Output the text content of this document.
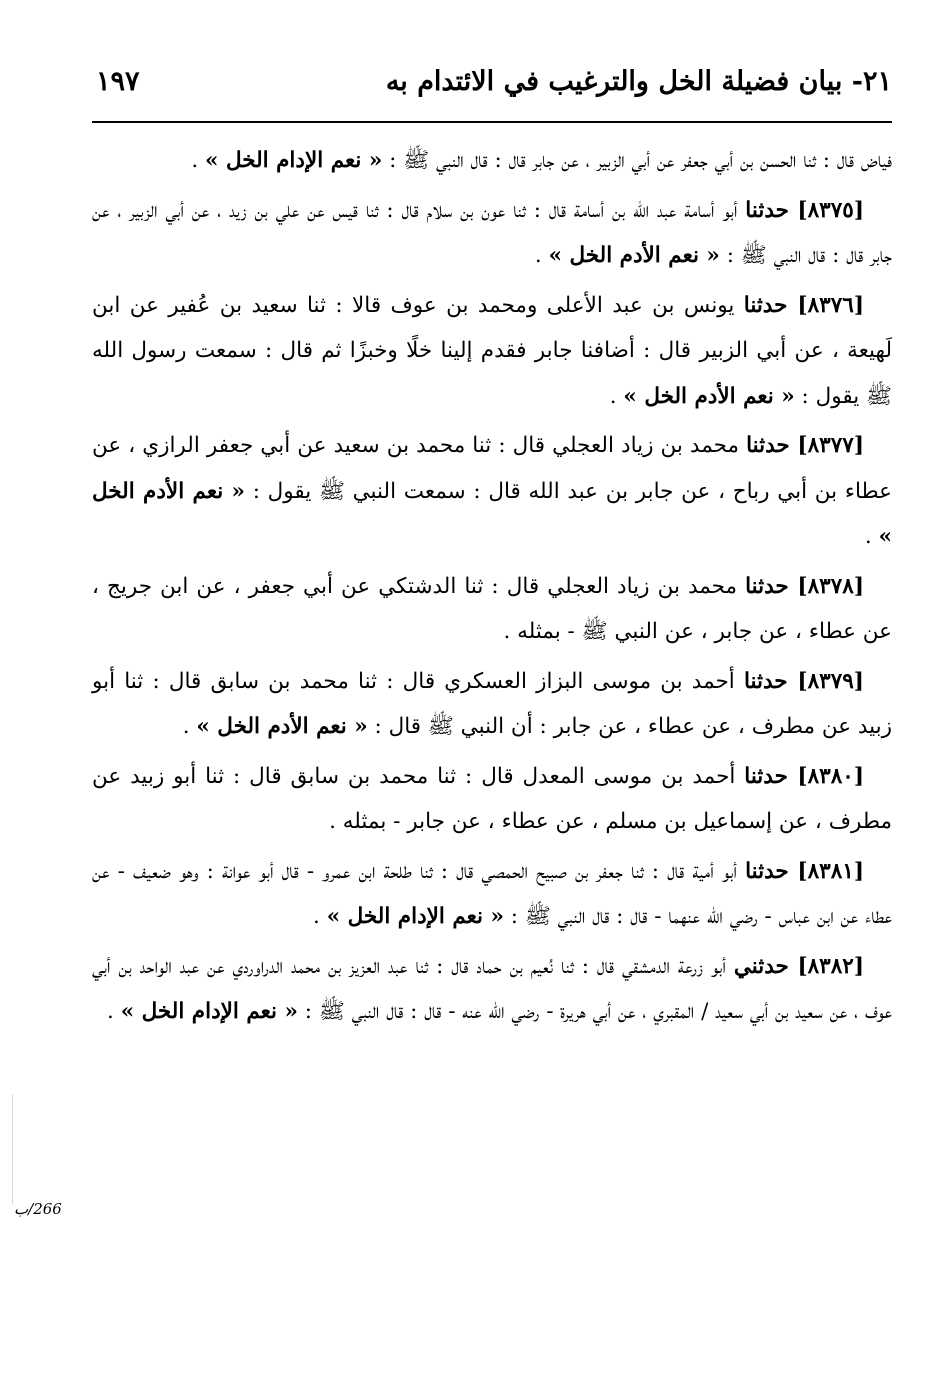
٢١- بيان فضيلة الخل والترغيب في الائتدام به
١٩٧

فياض قال : ثنا الحسن بن أبي جعفر عن أبي الزبير ، عن جابر قال : قال النبي ﷺ : « نعم الإدام الخل » .

[٨٣٧٥] حدثنا أبو أسامة عبد الله بن أسامة قال : ثنا عون بن سلام قال : ثنا قيس عن علي بن زيد ، عن أبي الزبير ، عن جابر قال : قال النبي ﷺ : « نعم الأدم الخل » .

[٨٣٧٦] حدثنا يونس بن عبد الأعلى ومحمد بن عوف قالا : ثنا سعيد بن عُفير عن ابن لَهيعة ، عن أبي الزبير قال : أضافنا جابر فقدم إلينا خلًا وخبزًا ثم قال : سمعت رسول الله ﷺ يقول : « نعم الأدم الخل » .

[٨٣٧٧] حدثنا محمد بن زياد العجلي قال : ثنا محمد بن سعيد عن أبي جعفر الرازي ، عن عطاء بن أبي رباح ، عن جابر بن عبد الله قال : سمعت النبي ﷺ يقول : « نعم الأدم الخل » .

[٨٣٧٨] حدثنا محمد بن زياد العجلي قال : ثنا الدشتكي عن أبي جعفر ، عن ابن جريج ، عن عطاء ، عن جابر ، عن النبي ﷺ - بمثله .

[٨٣٧٩] حدثنا أحمد بن موسى البزاز العسكري قال : ثنا محمد بن سابق قال : ثنا أبو زبيد عن مطرف ، عن عطاء ، عن جابر : أن النبي ﷺ قال : « نعم الأدم الخل » .

[٨٣٨٠] حدثنا أحمد بن موسى المعدل قال : ثنا محمد بن سابق قال : ثنا أبو زبيد عن مطرف ، عن إسماعيل بن مسلم ، عن عطاء ، عن جابر - بمثله .

[٨٣٨١] حدثنا أبو أمية قال : ثنا جعفر بن صبيح الحمصي قال : ثنا طلحة ابن عمرو - قال أبو عوانة : وهو ضعيف - عن عطاء عن ابن عباس - رضي الله عنهما - قال : قال النبي ﷺ : « نعم الإدام الخل » .

[٨٣٨٢] حدثني أبو زرعة الدمشقي قال : ثنا نُعيم بن حماد قال : ثنا عبد العزيز بن محمد الدراوردي عن عبد الواحد بن أبي عوف ، عن سعيد بن أبي سعيد / المقبري ، عن أبي هريرة - رضي الله عنه - قال : قال النبي ﷺ : « نعم الإدام الخل » .

266/ب
